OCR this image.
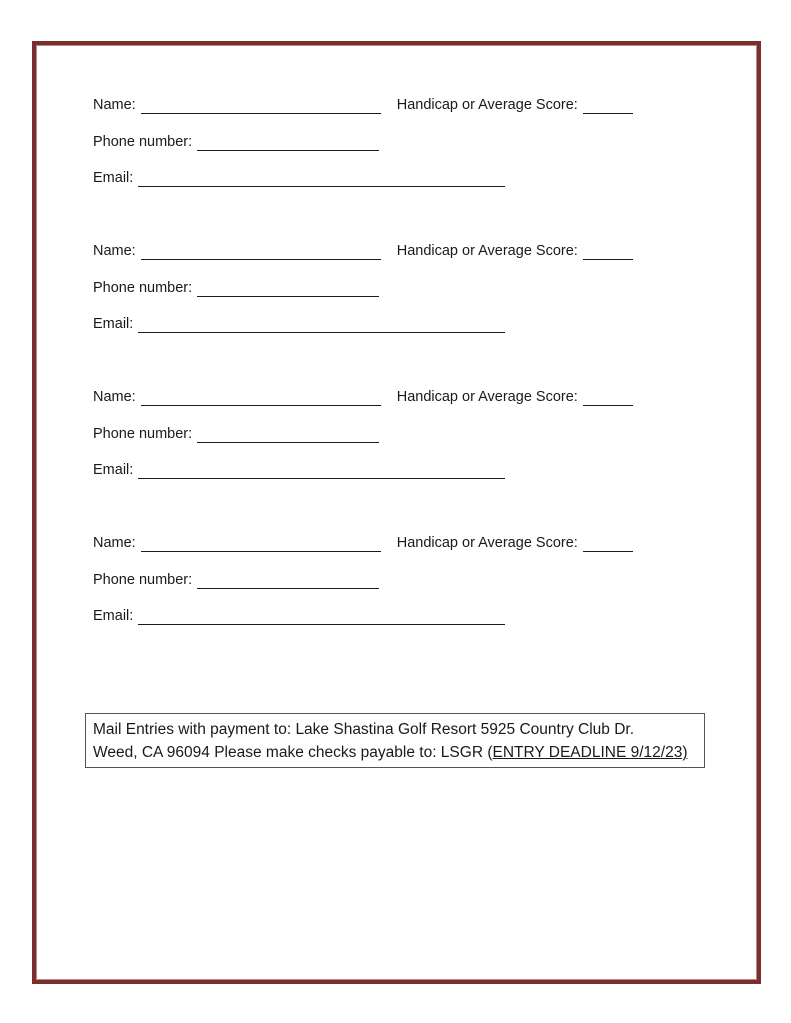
Name:	Handicap or Average Score:
Phone number:
Email:
Name:	Handicap or Average Score:
Phone number:
Email:
Name:	Handicap or Average Score:
Phone number:
Email:
Name:	Handicap or Average Score:
Phone number:
Email:
Mail Entries with payment to: Lake Shastina Golf Resort 5925 Country Club Dr.
Weed, CA 96094 Please make checks payable to: LSGR (ENTRY DEADLINE 9/12/23)
